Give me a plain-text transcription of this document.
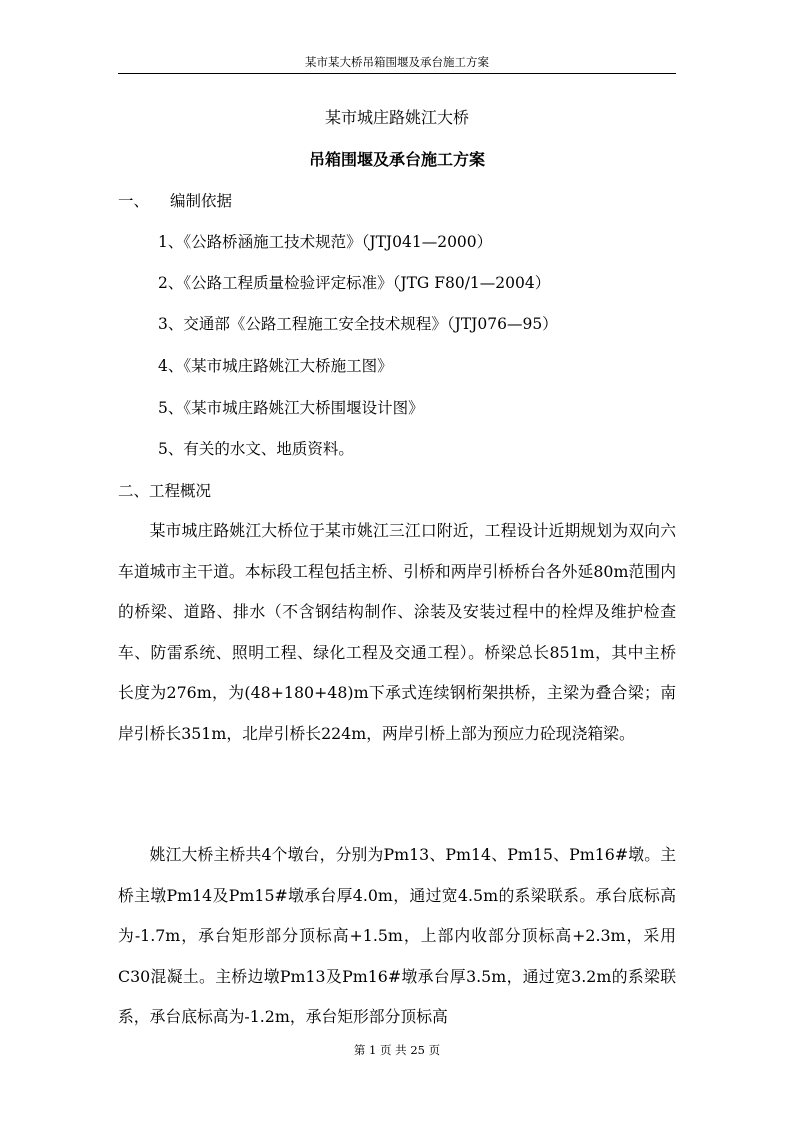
某市某大桥吊箱围堰及承台施工方案
某市城庄路姚江大桥
吊箱围堰及承台施工方案
一、 编制依据
1、《公路桥涵施工技术规范》（JTJ041—2000）
2、《公路工程质量检验评定标准》（JTG F80/1—2004）
3、交通部《公路工程施工安全技术规程》（JTJ076—95）
4、《某市城庄路姚江大桥施工图》
5、《某市城庄路姚江大桥围堰设计图》
5、有关的水文、地质资料。
二、工程概况

某市城庄路姚江大桥位于某市姚江三江口附近，工程设计近期规划为双向六车道城市主干道。本标段工程包括主桥、引桥和两岸引桥桥台各外延80m范围内的桥梁、道路、排水（不含钢结构制作、涂装及安装过程中的栓焊及维护检查车、防雷系统、照明工程、绿化工程及交通工程）。桥梁总长851m，其中主桥长度为276m，为(48+180+48)m下承式连续钢桁架拱桥，主梁为叠合梁；南岸引桥长351m，北岸引桥长224m，两岸引桥上部为预应力砼现浇箱梁。

姚江大桥主桥共4个墩台，分别为Pm13、Pm14、Pm15、Pm16#墩。主桥主墩Pm14及Pm15#墩承台厚4.0m，通过宽4.5m的系梁联系。承台底标高为-1.7m，承台矩形部分顶标高+1.5m，上部内收部分顶标高+2.3m，采用C30混凝土。主桥边墩Pm13及Pm16#墩承台厚3.5m，通过宽3.2m的系梁联系，承台底标高为-1.2m，承台矩形部分顶标高

第 1 页 共 25 页
